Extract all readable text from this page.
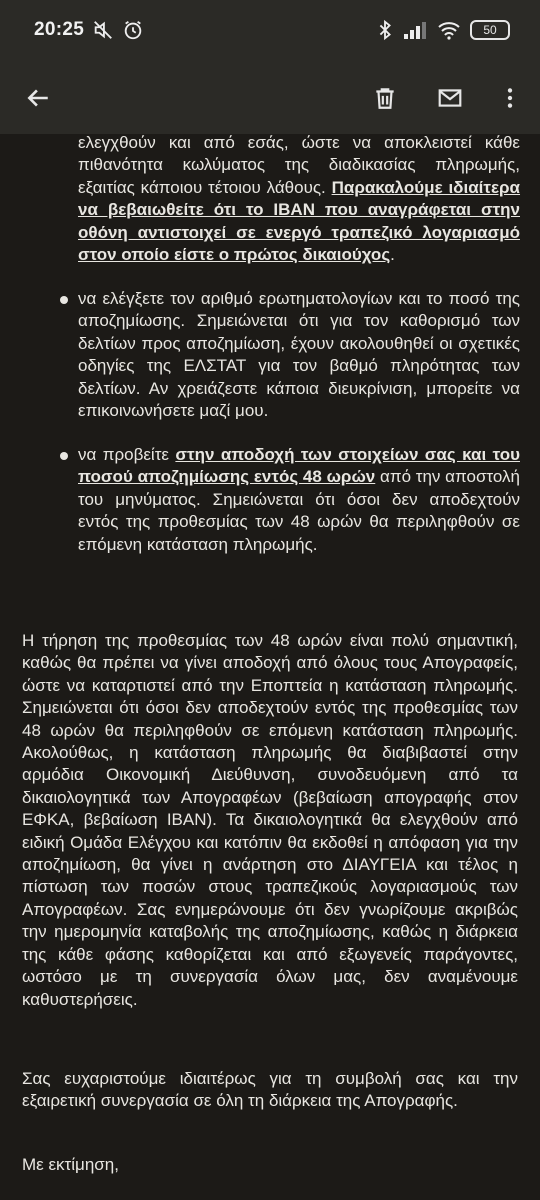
20:25	50
ελεγχθούν και από εσάς, ώστε να αποκλειστεί κάθε πιθανότητα κωλύματος της διαδικασίας πληρωμής, εξαιτίας κάποιου τέτοιου λάθους. Παρακαλούμε ιδιαίτερα να βεβαιωθείτε ότι το IBAN που αναγράφεται στην οθόνη αντιστοιχεί σε ενεργό τραπεζικό λογαριασμό στον οποίο είστε ο πρώτος δικαιούχος.
να ελέγξετε τον αριθμό ερωτηματολογίων και το ποσό της αποζημίωσης. Σημειώνεται ότι για τον καθορισμό των δελτίων προς αποζημίωση, έχουν ακολουθηθεί οι σχετικές οδηγίες της ΕΛΣΤΑΤ για τον βαθμό πληρότητας των δελτίων. Αν χρειάζεστε κάποια διευκρίνιση, μπορείτε να επικοινωνήσετε μαζί μου.
να προβείτε στην αποδοχή των στοιχείων σας και του ποσού αποζημίωσης εντός 48 ωρών από την αποστολή του μηνύματος. Σημειώνεται ότι όσοι δεν αποδεχτούν εντός της προθεσμίας των 48 ωρών θα περιληφθούν σε επόμενη κατάσταση πληρωμής.
Η τήρηση της προθεσμίας των 48 ωρών είναι πολύ σημαντική, καθώς θα πρέπει να γίνει αποδοχή από όλους τους Απογραφείς, ώστε να καταρτιστεί από την Εποπτεία η κατάσταση πληρωμής. Σημειώνεται ότι όσοι δεν αποδεχτούν εντός της προθεσμίας των 48 ωρών θα περιληφθούν σε επόμενη κατάσταση πληρωμής. Ακολούθως, η κατάσταση πληρωμής θα διαβιβαστεί στην αρμόδια Οικονομική Διεύθυνση, συνοδευόμενη από τα δικαιολογητικά των Απογραφέων (βεβαίωση απογραφής στον ΕΦΚΑ, βεβαίωση IBAN). Τα δικαιολογητικά θα ελεγχθούν από ειδική Ομάδα Ελέγχου και κατόπιν θα εκδοθεί η απόφαση για την αποζημίωση, θα γίνει η ανάρτηση στο ΔΙΑΥΓΕΙΑ και τέλος η πίστωση των ποσών στους τραπεζικούς λογαριασμούς των Απογραφέων. Σας ενημερώνουμε ότι δεν γνωρίζουμε ακριβώς την ημερομηνία καταβολής της αποζημίωσης, καθώς η διάρκεια της κάθε φάσης καθορίζεται και από εξωγενείς παράγοντες, ωστόσο με τη συνεργασία όλων μας, δεν αναμένουμε καθυστερήσεις.
Σας ευχαριστούμε ιδιαιτέρως για τη συμβολή σας και την εξαιρετική συνεργασία σε όλη τη διάρκεια της Απογραφής.
Με εκτίμηση,
